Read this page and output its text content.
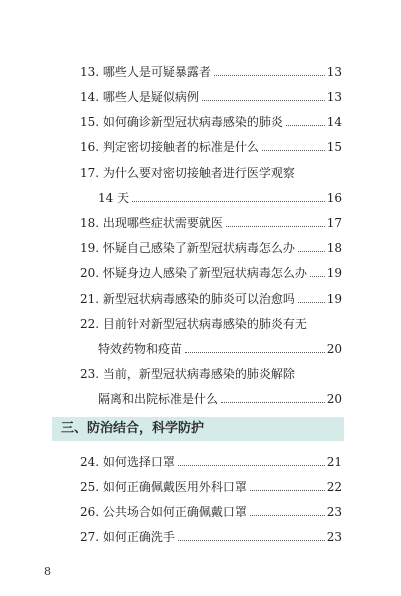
13. 哪些人是可疑暴露者	13
14. 哪些人是疑似病例	13
15. 如何确诊新型冠状病毒感染的肺炎	14
16. 判定密切接触者的标准是什么	15
17. 为什么要对密切接触者进行医学观察
14 天	16
18. 出现哪些症状需要就医	17
19. 怀疑自己感染了新型冠状病毒怎么办	18
20. 怀疑身边人感染了新型冠状病毒怎么办 19
21. 新型冠状病毒感染的肺炎可以治愈吗	19
22. 目前针对新型冠状病毒感染的肺炎有无
特效药物和疫苗	20
23. 当前，新型冠状病毒感染的肺炎解除
隔离和出院标准是什么	20
三、防治结合，科学防护
24. 如何选择口罩	21
25. 如何正确佩戴医用外科口罩	22
26. 公共场合如何正确佩戴口罩	23
27. 如何正确洗手	23
8
